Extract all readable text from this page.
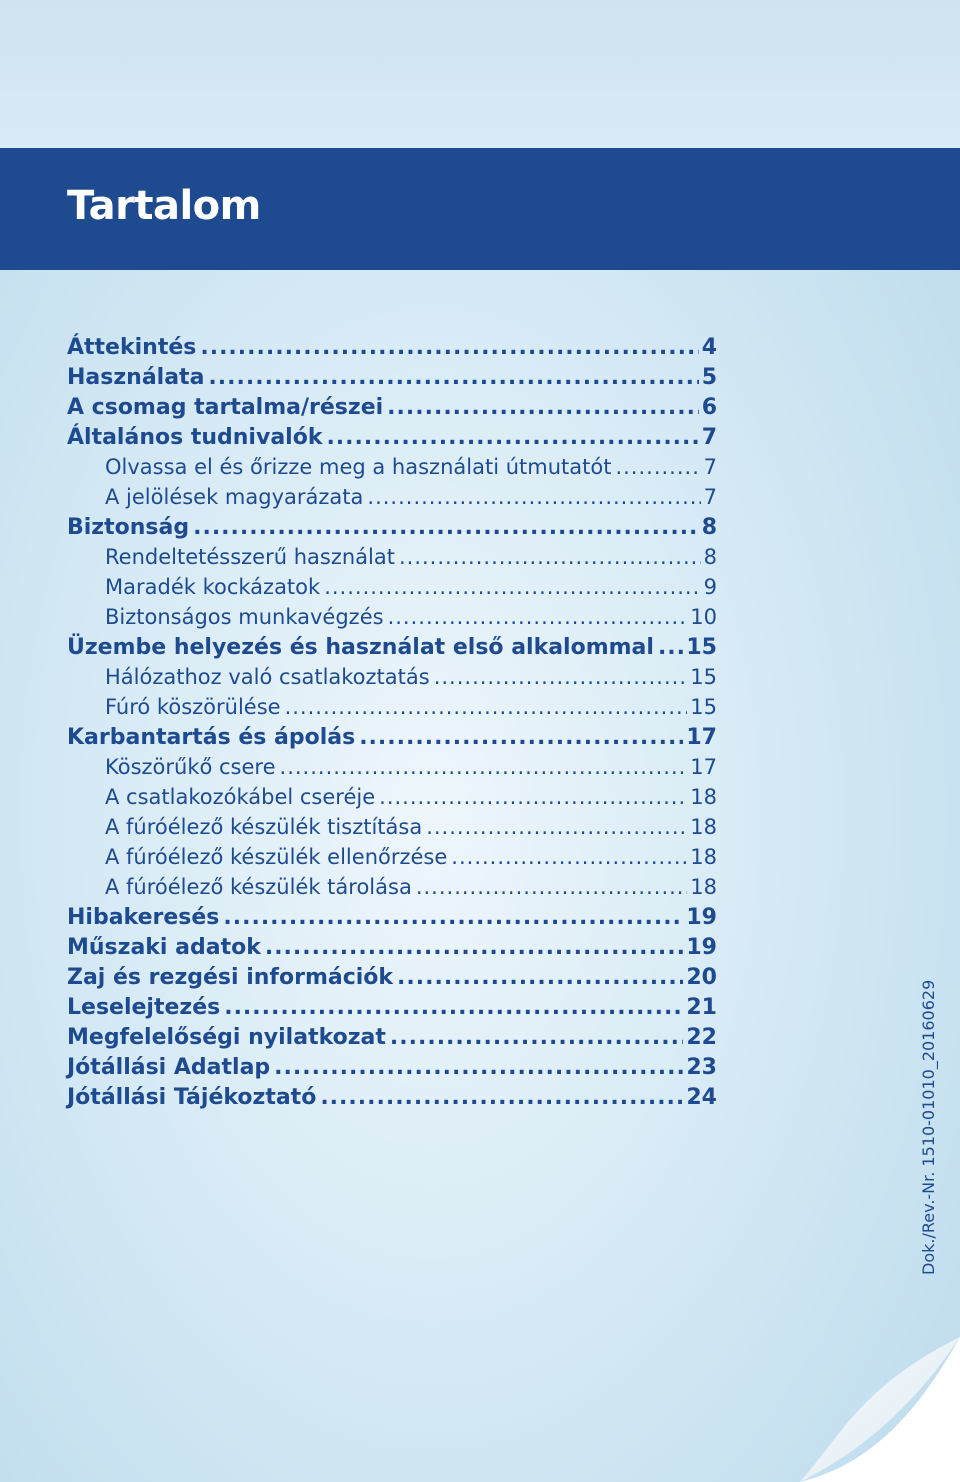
Tartalom
Áttekintés .....	4
Használata .....	5
A csomag tartalma/részei .....	6
Általános tudnivalók .....	7
Olvassa el és őrizze meg a használati útmutatót .....	7
A jelölések magyarázata .....	7
Biztonság .....	8
Rendeltetésszerű használat .....	8
Maradék kockázatok .....	9
Biztonságos munkavégzés .....	10
Üzembe helyezés és használat első alkalommal ..... 15
Hálózathoz való csatlakoztatás .....	15
Fúró köszörülése .....	15
Karbantartás és ápolás .....	17
Köszörűkő csere .....	17
A csatlakozókábel cseréje .....	18
A fúróélező készülék tisztítása .....	18
A fúróélező készülék ellenőrzése .....	18
A fúróélező készülék tárolása .....	18
Hibakeresés .....	19
Műszaki adatok .....	19
Zaj és rezgési információk .....	20
Leselejtezés .....	21
Megfelelőségi nyilatkozat .....	22
Jótállási Adatlap .....	23
Jótállási Tájékoztató .....	24	Dok./Rev.-Nr. 1510-01010_20160629
